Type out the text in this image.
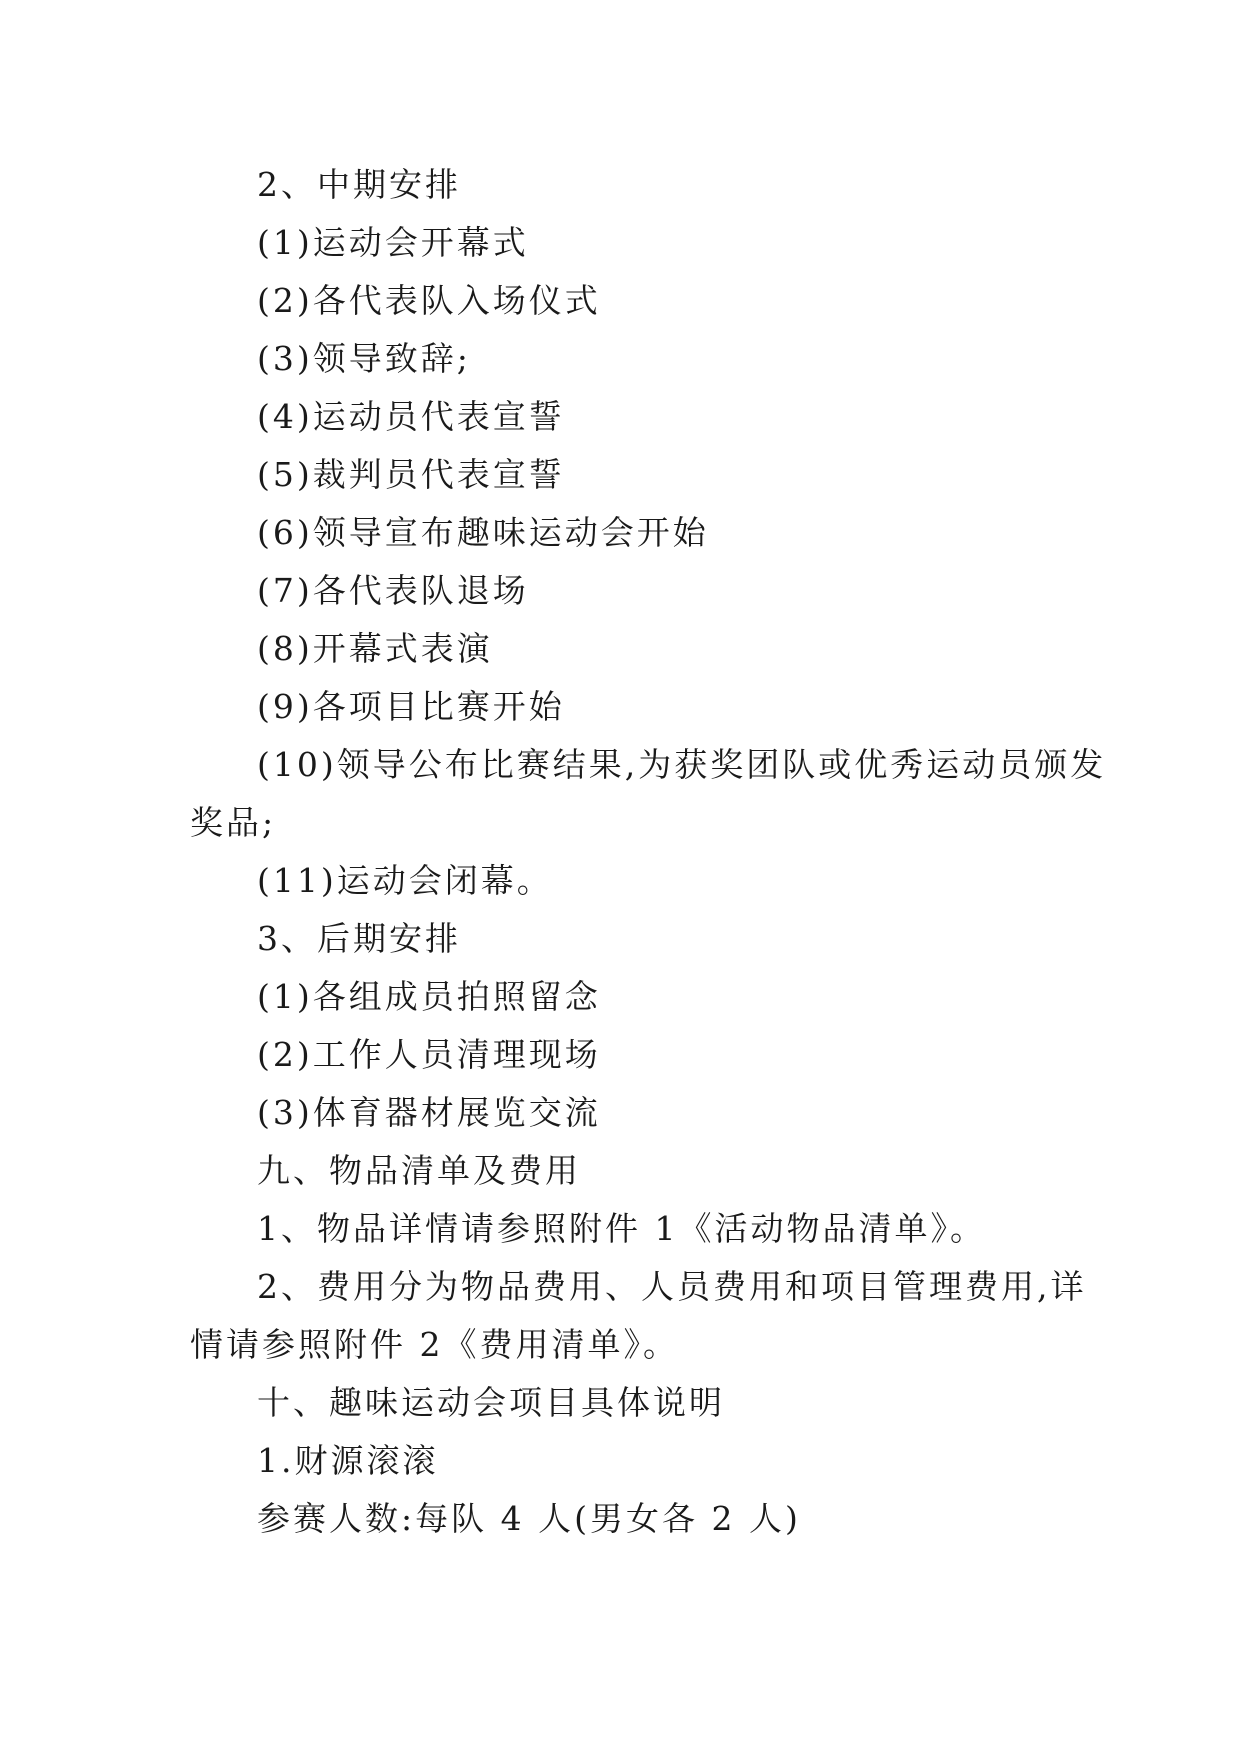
2、中期安排
(1)运动会开幕式
(2)各代表队入场仪式
(3)领导致辞;
(4)运动员代表宣誓
(5)裁判员代表宣誓
(6)领导宣布趣味运动会开始
(7)各代表队退场
(8)开幕式表演
(9)各项目比赛开始
(10)领导公布比赛结果,为获奖团队或优秀运动员颁发
奖品;
(11)运动会闭幕。
3、后期安排
(1)各组成员拍照留念
(2)工作人员清理现场
(3)体育器材展览交流
九、物品清单及费用
1、物品详情请参照附件 1《活动物品清单》。
2、费用分为物品费用、人员费用和项目管理费用,详
情请参照附件 2《费用清单》。
十、趣味运动会项目具体说明
1.财源滚滚
参赛人数:每队 4 人(男女各 2 人)
